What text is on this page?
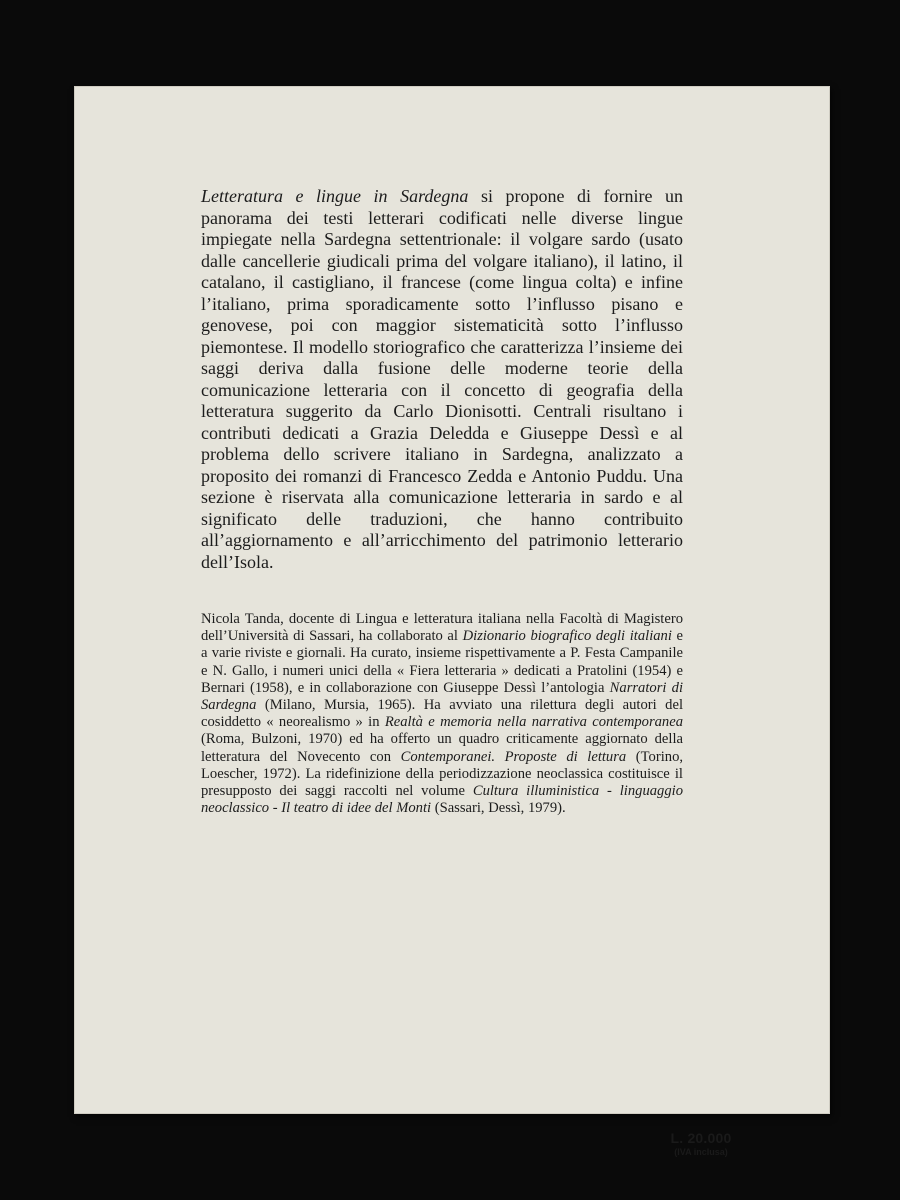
Letteratura e lingue in Sardegna si propone di fornire un panorama dei testi letterari codificati nelle diverse lingue impiegate nella Sardegna settentrionale: il volgare sardo (usato dalle cancellerie giudicali prima del volgare italiano), il latino, il catalano, il castigliano, il francese (come lingua colta) e infine l’italiano, prima sporadicamente sotto l’influsso pisano e genovese, poi con maggior sistematicità sotto l’influsso piemontese. Il modello storiografico che caratterizza l’insieme dei saggi deriva dalla fusione delle moderne teorie della comunicazione letteraria con il concetto di geografia della letteratura suggerito da Carlo Dionisotti. Centrali risultano i contributi dedicati a Grazia Deledda e Giuseppe Dessì e al problema dello scrivere italiano in Sardegna, analizzato a proposito dei romanzi di Francesco Zedda e Antonio Puddu. Una sezione è riservata alla comunicazione letteraria in sardo e al significato delle traduzioni, che hanno contribuito all’aggiornamento e all’arricchimento del patrimonio letterario dell’Isola.

Nicola Tanda, docente di Lingua e letteratura italiana nella Facoltà di Magistero dell’Università di Sassari, ha collaborato al Dizionario biografico degli italiani e a varie riviste e giornali. Ha curato, insieme rispettivamente a P. Festa Campanile e N. Gallo, i numeri unici della « Fiera letteraria » dedicati a Pratolini (1954) e Bernari (1958), e in collaborazione con Giuseppe Dessì l’antologia Narratori di Sardegna (Milano, Mursia, 1965). Ha avviato una rilettura degli autori del cosiddetto « neorealismo » in Realtà e memoria nella narrativa contemporanea (Roma, Bulzoni, 1970) ed ha offerto un quadro criticamente aggiornato della letteratura del Novecento con Contemporanei. Proposte di lettura (Torino, Loescher, 1972). La ridefinizione della periodizzazione neoclassica costituisce il presupposto dei saggi raccolti nel volume Cultura illuministica - linguaggio neoclassico - Il teatro di idee del Monti (Sassari, Dessì, 1979).

L. 20.000
(IVA inclusa)
